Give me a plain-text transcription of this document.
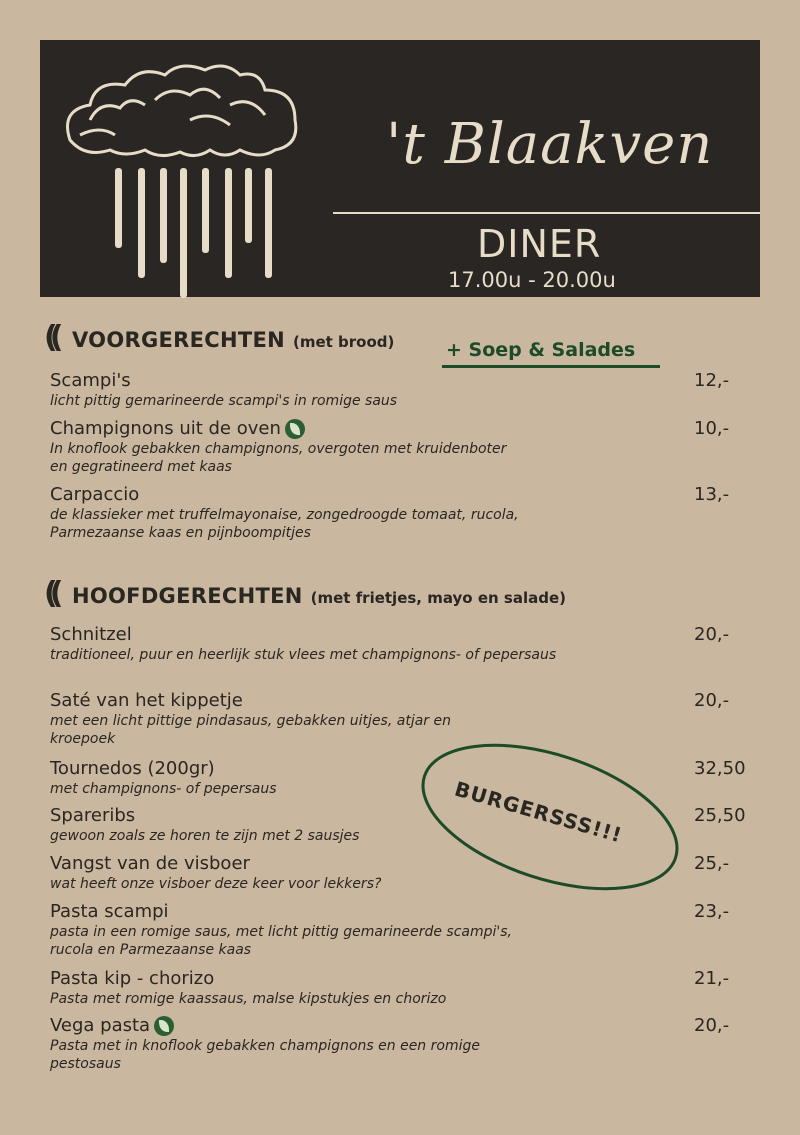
't Blaakven
DINER
17.00u - 20.00u
(( VOORGERECHTEN (met brood)	+ Soep & Salades
Scampi's
licht pittig gemarineerde scampi's in romige saus
12,-
Champignons uit de oven
In knoflook gebakken champignons, overgoten met kruidenboter en gegratineerd met kaas
10,-
Carpaccio
de klassieker met truffelmayonaise, zongedroogde tomaat, rucola, Parmezaanse kaas en pijnboompitjes
13,-
(( HOOFDGERECHTEN (met frietjes, mayo en salade)
Schnitzel
traditioneel, puur en heerlijk stuk vlees met champignons- of pepersaus
20,-
Saté van het kippetje
met een licht pittige pindasaus, gebakken uitjes, atjar en kroepoek
20,-
Tournedos (200gr)
met champignons- of pepersaus
32,50
Spareribs
gewoon zoals ze horen te zijn met 2 sausjes
25,50
Vangst van de visboer
wat heeft onze visboer deze keer voor lekkers?
25,-
Pasta scampi
pasta in een romige saus, met licht pittig gemarineerde scampi's, rucola en Parmezaanse kaas
23,-
Pasta kip - chorizo
Pasta met romige kaassaus, malse kipstukjes en chorizo
21,-
Vega pasta
Pasta met in knoflook gebakken champignons en een romige pestosaus
20,-
BURGERSSS!!!
